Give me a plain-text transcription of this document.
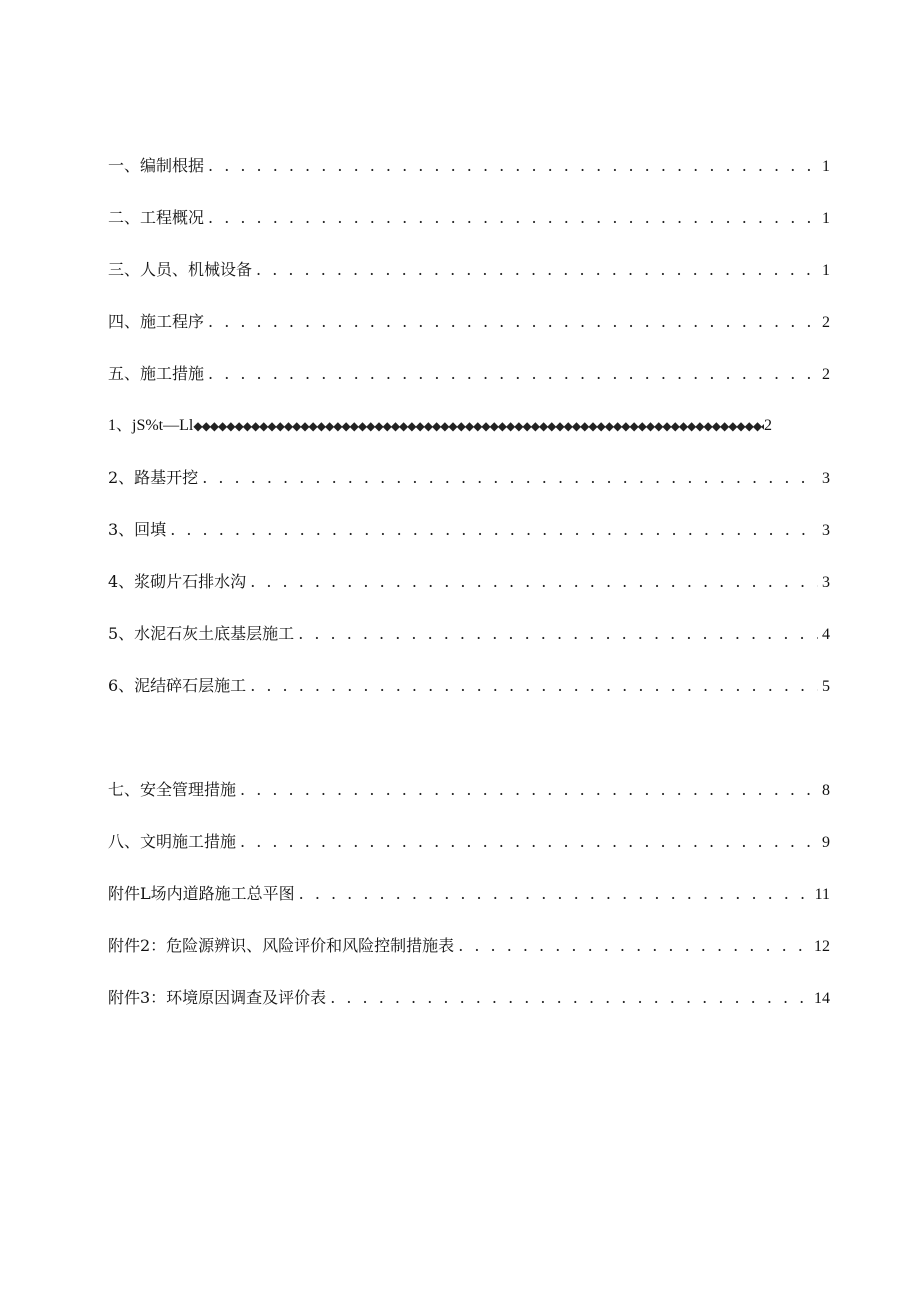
一、编制根据 . . .	1
二、工程概况 . . .	1
三、人员、机械设备 . . .	1
四、施工程序 . . .	2
五、施工措施 . . .	2
1、jS%t—Ll ◆◆◆◆◆◆◆◆◆◆◆◆◆◆◆◆◆◆◆◆◆◆◆◆◆◆◆◆◆◆◆◆◆◆◆◆◆◆◆◆◆◆◆◆◆◆◆◆◆◆◆◆◆◆◆◆◆◆◆◆◆◆◆◆◆◆◆◆◆◆◆◆◆◆◆◆◆	2
2、路基开挖 . . .	3
3、回填 . . .	3
4、浆砌片石排水沟 . . .	3
5、水泥石灰土底基层施工 . . .	4
6、泥结碎石层施工 . . .	5
七、安全管理措施 . . .	8
八、文明施工措施 . . .	9
附件L场内道路施工总平图 . . .	11
附件2：危险源辨识、风险评价和风险控制措施表 . . .	12
附件3：环境原因调查及评价表 . . .	14
